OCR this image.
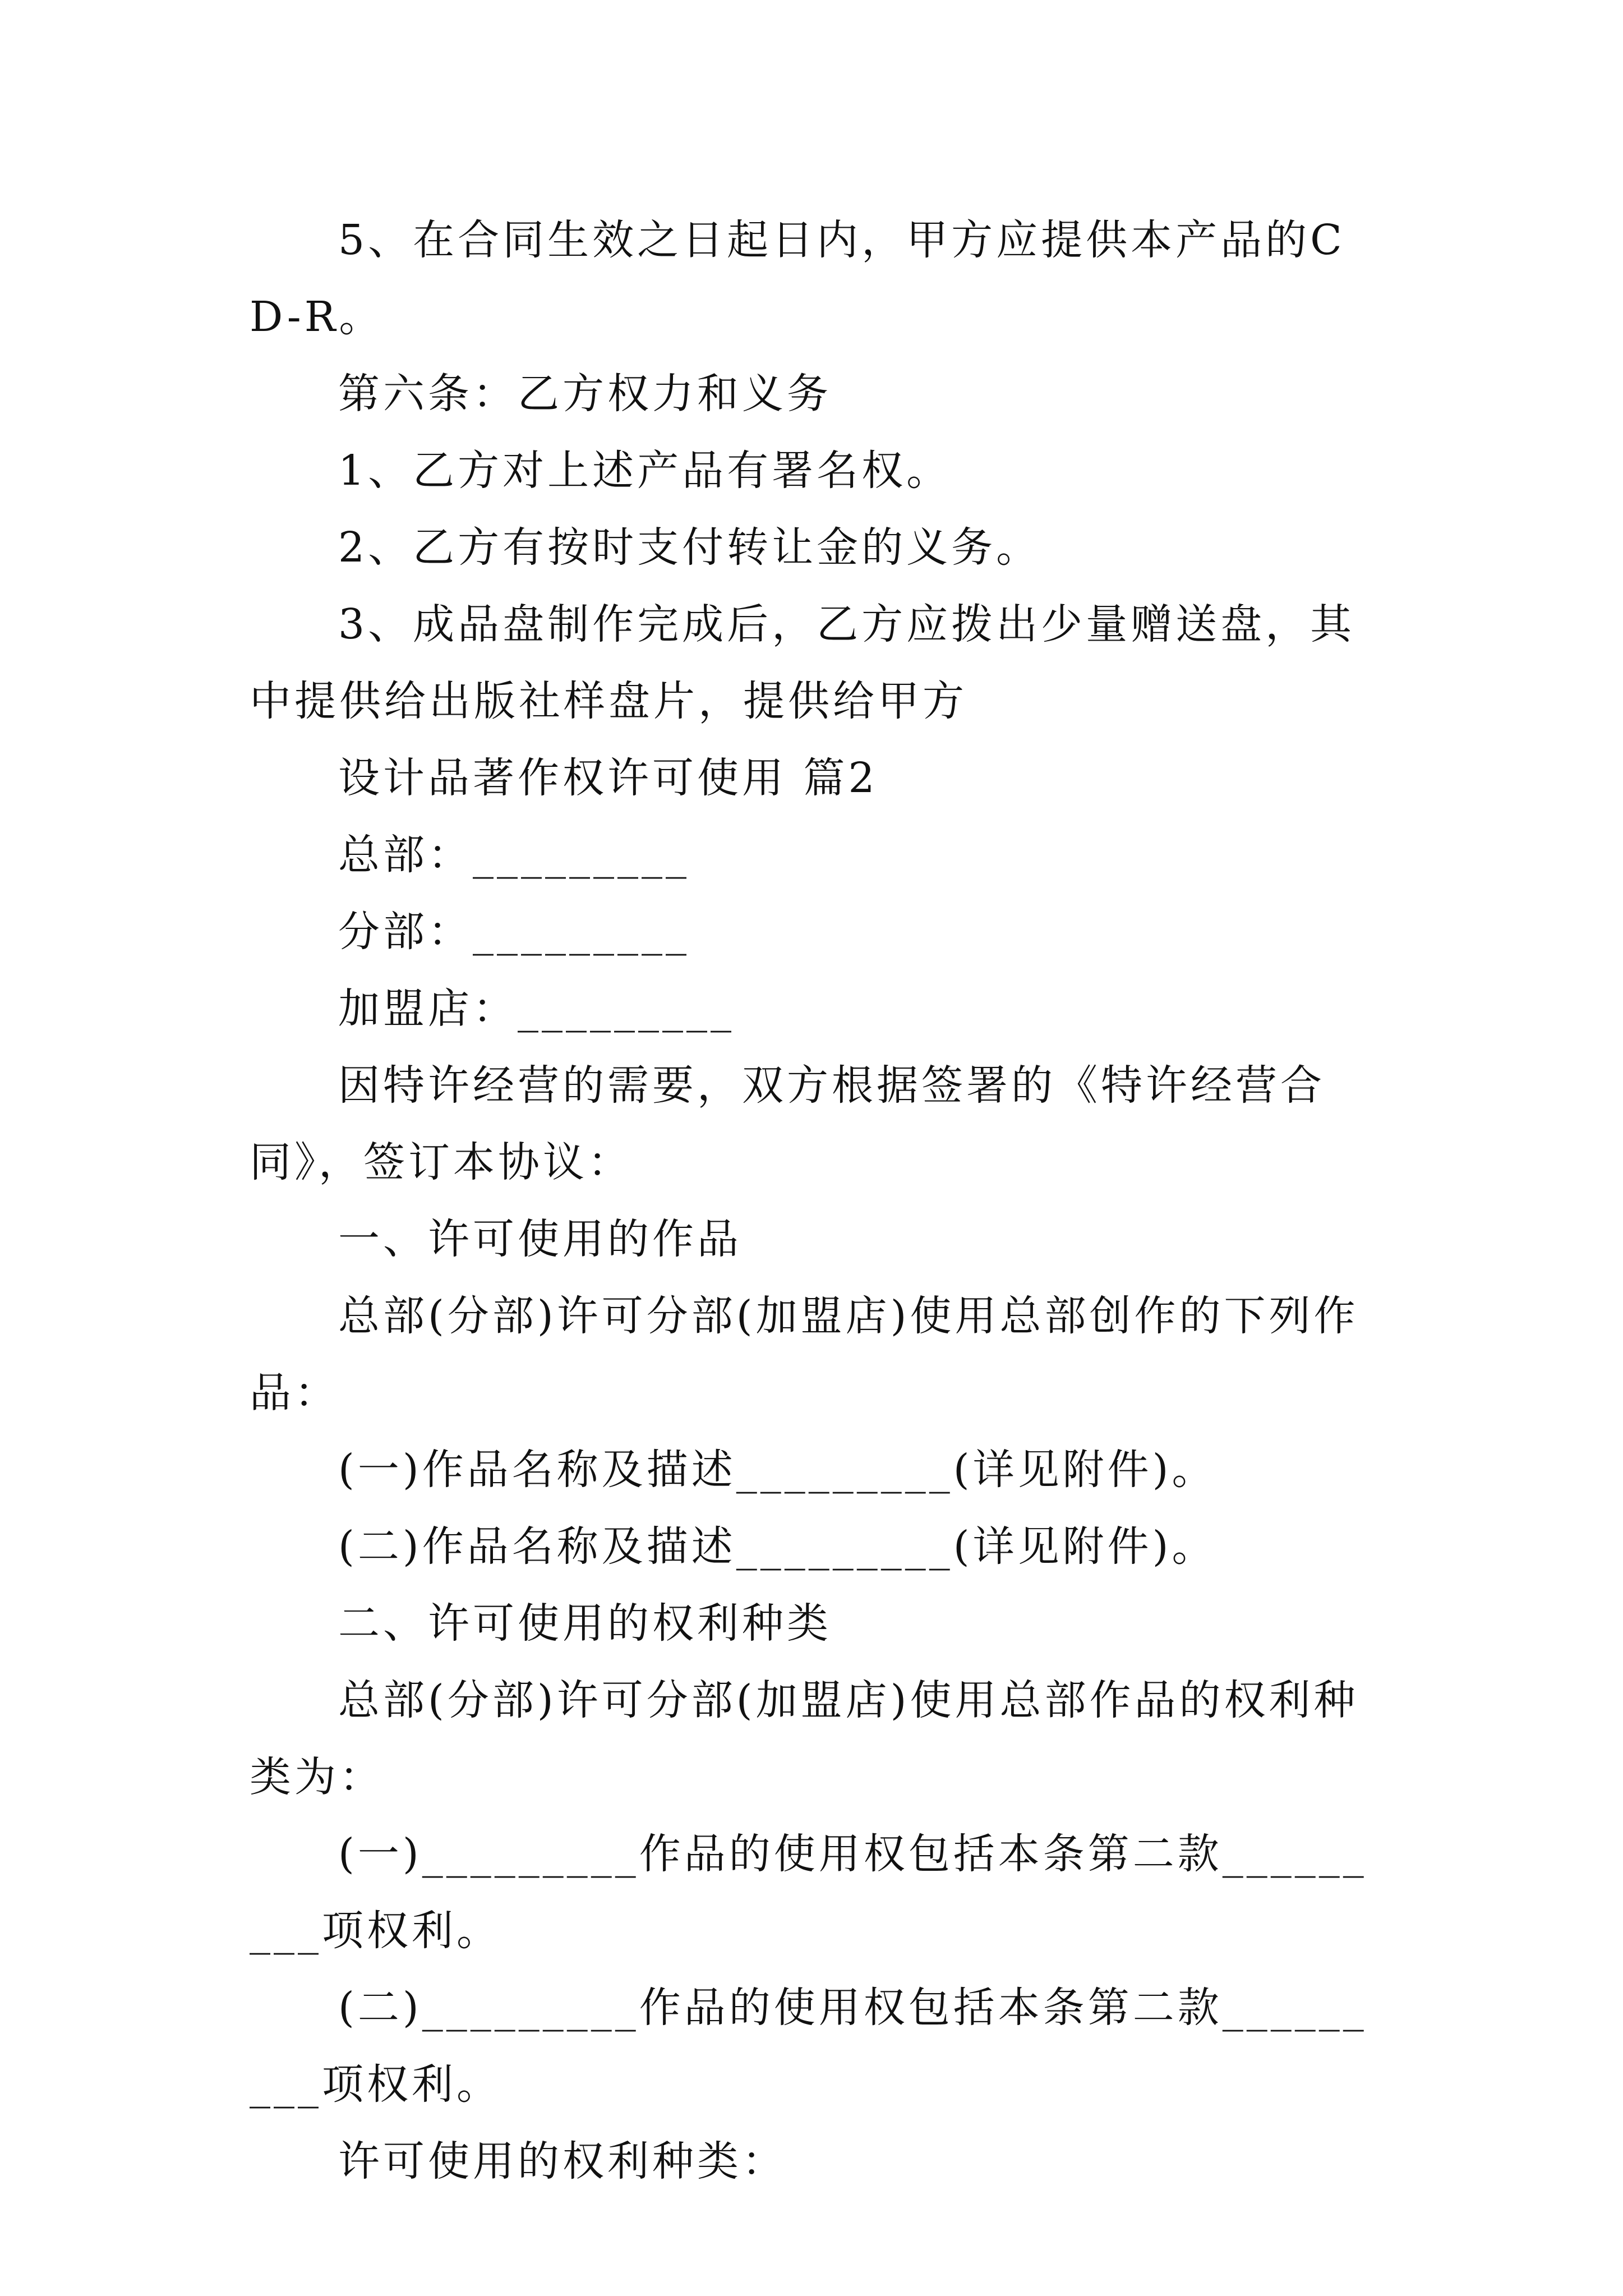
5、在合同生效之日起日内，甲方应提供本产品的CD-R。

第六条：乙方权力和义务

1、乙方对上述产品有署名权。

2、乙方有按时支付转让金的义务。

3、成品盘制作完成后，乙方应拨出少量赠送盘，其中提供给出版社样盘片，提供给甲方

设计品著作权许可使用 篇2

总部：_________

分部：_________

加盟店：_________

因特许经营的需要，双方根据签署的《特许经营合同》，签订本协议：

一、许可使用的作品

总部(分部)许可分部(加盟店)使用总部创作的下列作品：

(一)作品名称及描述_________(详见附件)。

(二)作品名称及描述_________(详见附件)。

二、许可使用的权利种类

总部(分部)许可分部(加盟店)使用总部作品的权利种类为：

(一)_________作品的使用权包括本条第二款_________项权利。

(二)_________作品的使用权包括本条第二款_________项权利。

许可使用的权利种类：
